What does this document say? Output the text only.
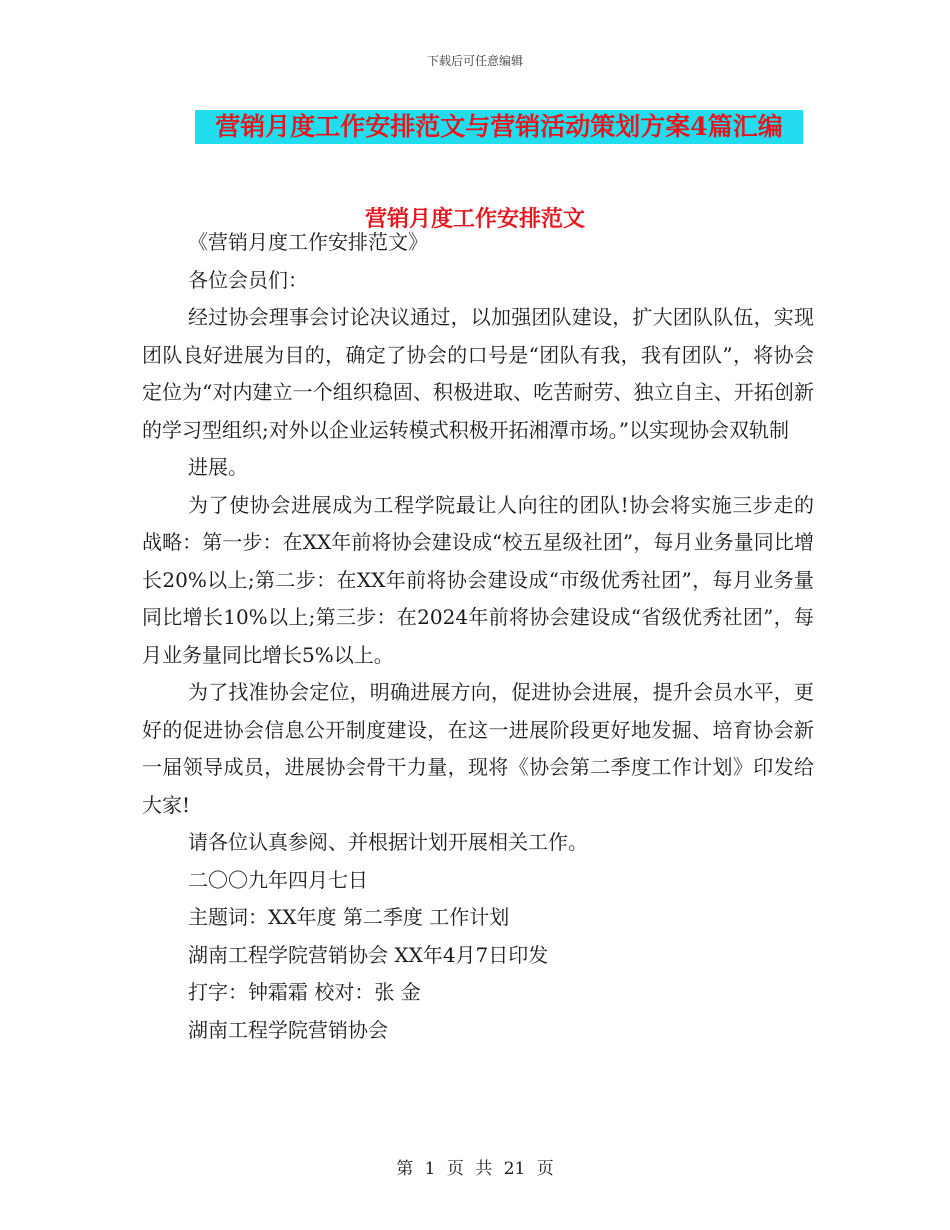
下载后可任意编辑
营销月度工作安排范文与营销活动策划方案4篇汇编
营销月度工作安排范文

《营销月度工作安排范文》

各位会员们：

经过协会理事会讨论决议通过，以加强团队建设，扩大团队队伍，实现团队良好进展为目的，确定了协会的口号是“团队有我，我有团队”，将协会定位为“对内建立一个组织稳固、积极进取、吃苦耐劳、独立自主、开拓创新的学习型组织;对外以企业运转模式积极开拓湘潭市场。”以实现协会双轨制

进展。

为了使协会进展成为工程学院最让人向往的团队!协会将实施三步走的战略：第一步：在XX年前将协会建设成“校五星级社团”，每月业务量同比增长20%以上;第二步：在XX年前将协会建设成“市级优秀社团”，每月业务量同比增长10%以上;第三步：在2024年前将协会建设成“省级优秀社团”，每月业务量同比增长5%以上。

为了找准协会定位，明确进展方向，促进协会进展，提升会员水平，更好的促进协会信息公开制度建设，在这一进展阶段更好地发掘、培育协会新一届领导成员，进展协会骨干力量，现将《协会第二季度工作计划》印发给大家!

请各位认真参阅、并根据计划开展相关工作。

二〇〇九年四月七日

主题词：XX年度 第二季度 工作计划

湖南工程学院营销协会 XX年4月7日印发

打字：钟霜霜 校对：张 金

湖南工程学院营销协会

第 1 页 共 21 页
